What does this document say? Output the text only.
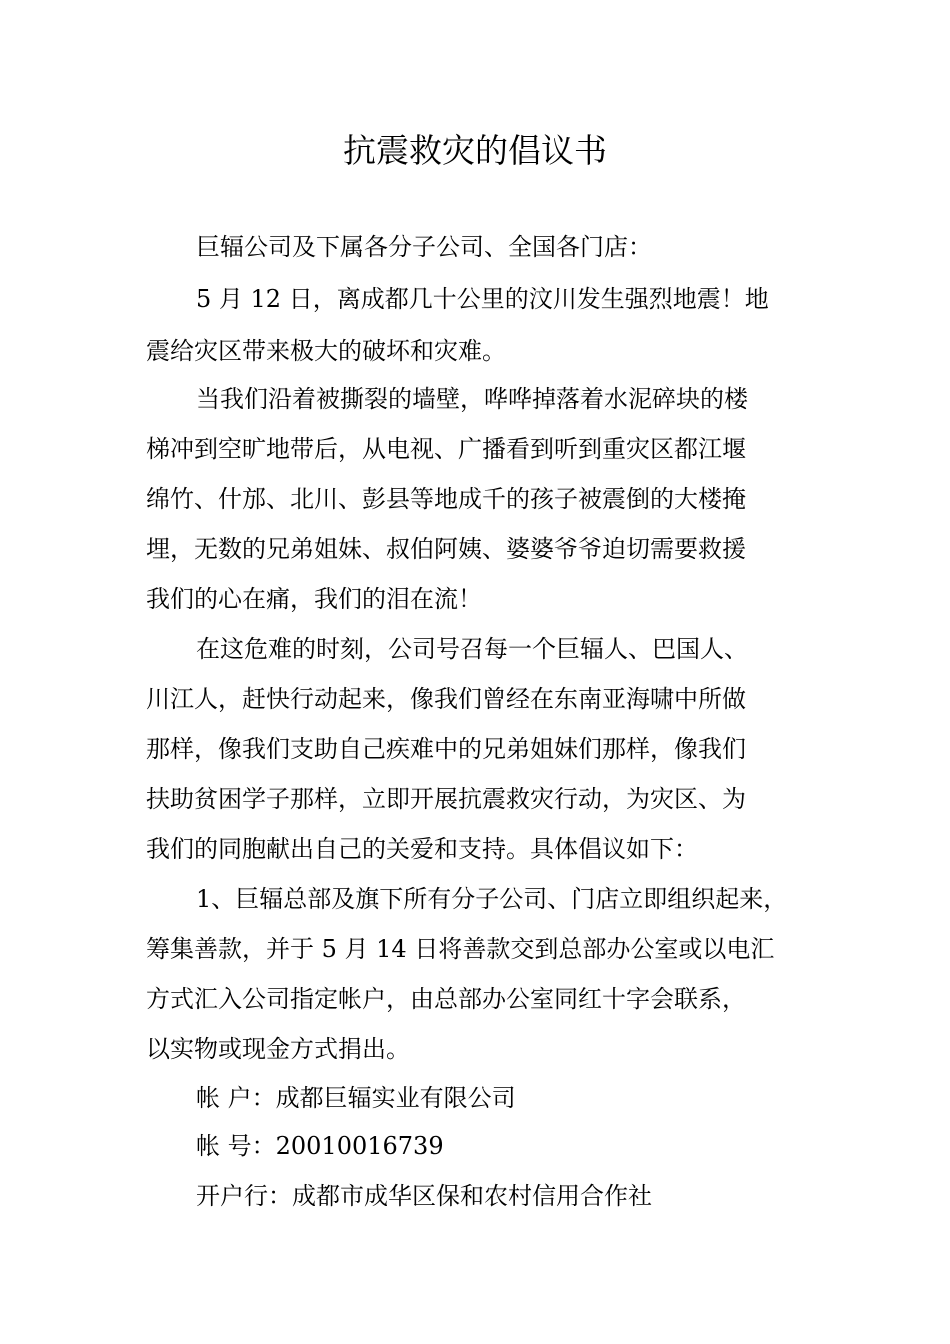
抗震救灾的倡议书
巨辐公司及下属各分子公司、全国各门店：
5 月 12 日，离成都几十公里的汶川发生强烈地震！地
震给灾区带来极大的破坏和灾难。
当我们沿着被撕裂的墙壁，哗哗掉落着水泥碎块的楼
梯冲到空旷地带后，从电视、广播看到听到重灾区都江堰
绵竹、什邡、北川、彭县等地成千的孩子被震倒的大楼掩
埋，无数的兄弟姐妹、叔伯阿姨、婆婆爷爷迫切需要救援
我们的心在痛，我们的泪在流！
在这危难的时刻，公司号召每一个巨辐人、巴国人、
川江人，赶快行动起来，像我们曾经在东南亚海啸中所做
那样，像我们支助自己疾难中的兄弟姐妹们那样，像我们
扶助贫困学子那样，立即开展抗震救灾行动，为灾区、为
我们的同胞献出自己的关爱和支持。具体倡议如下：
1、巨辐总部及旗下所有分子公司、门店立即组织起来，
筹集善款，并于 5 月 14 日将善款交到总部办公室或以电汇
方式汇入公司指定帐户，由总部办公室同红十字会联系，
以实物或现金方式捐出。
帐 户：成都巨辐实业有限公司
帐 号：20010016739
开户行：成都市成华区保和农村信用合作社
